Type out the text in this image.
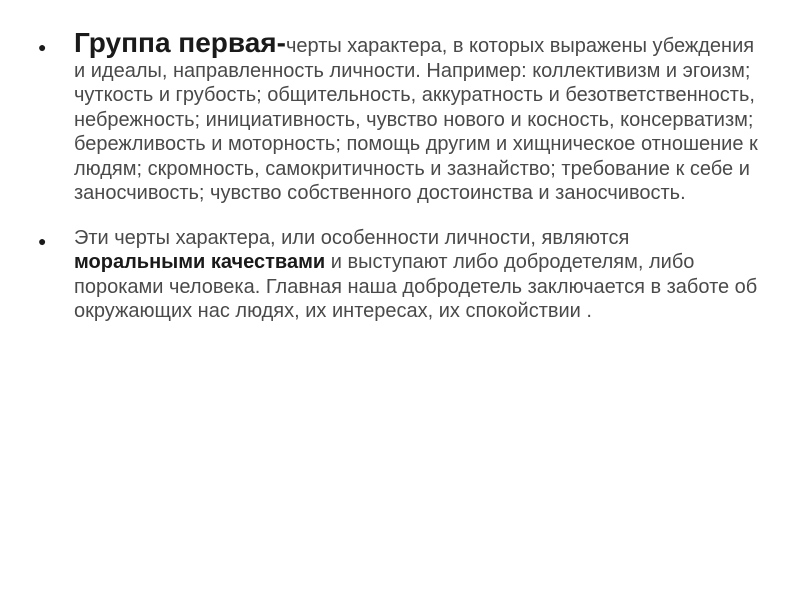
● Группа первая-черты характера, в которых выражены убеждения и идеалы, направленность личности. Например: коллективизм и эгоизм; чуткость и грубость; общительность, аккуратность и безответственность, небрежность; инициативность, чувство нового и косность, консерватизм; бережливость и моторность; помощь другим и хищническое отношение к людям; скромность, самокритичность и зазнайство; требование к себе и заносчивость; чувство собственного достоинства и заносчивость.
● Эти черты характера, или особенности личности, являются моральными качествами и выступают либо добродетелям, либо пороками человека. Главная наша добродетель заключается в заботе об окружающих нас людях, их интересах, их спокойствии .
